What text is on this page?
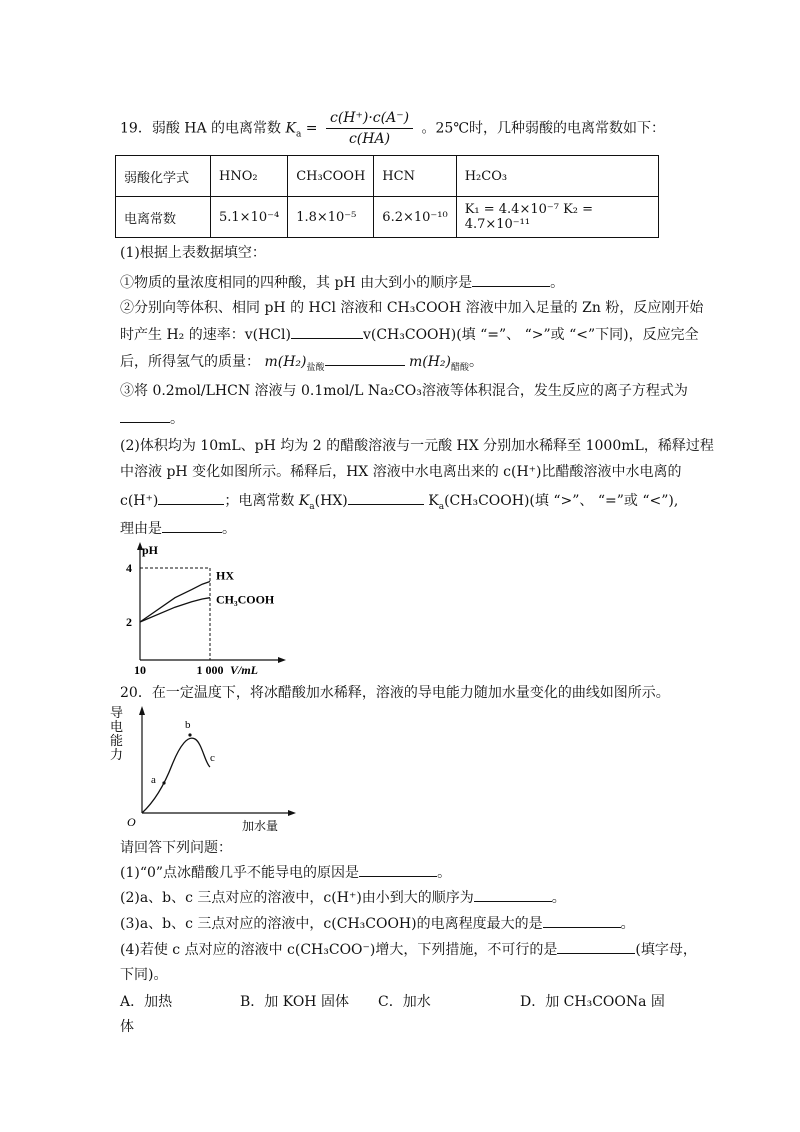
19．弱酸 HA 的电离常数 $K_a = \frac{c(H^+)\cdot c(A^-)}{c(HA)}$ 。25℃时，几种弱酸的电离常数如下：
弱酸化学式	HNO₂	CH₃COOH	HCN	H₂CO₃
电离常数	5.1×10⁻⁴	1.8×10⁻⁵	6.2×10⁻¹⁰	K₁ = 4.4×10⁻⁷ K₂ = 4.7×10⁻¹¹
(1)根据上表数据填空：
①物质的量浓度相同的四种酸，其 pH 由大到小的顺序是	。
②分别向等体积、相同 pH 的 HCl 溶液和 CH₃COOH 溶液中加入足量的 Zn 粉，反应刚开始
时产生 H₂ 的速率：v(HCl)	v(CH₃COOH)(填 “=”、 “>”或 “<”下同)，反应完全
后，所得氢气的质量： $m(H_2)_{盐酸}$	$m(H_2)_{醋酸}$。
③将 0.2mol/LHCN 溶液与 0.1mol/L Na₂CO₃溶液等体积混合，发生反应的离子方程式为
。
(2)体积均为 10mL、pH 均为 2 的醋酸溶液与一元酸 HX 分别加水稀释至 1000mL，稀释过程
中溶液 pH 变化如图所示。稀释后，HX 溶液中水电离出来的 c(H⁺)比醋酸溶液中水电离的
c(H⁺)	；电离常数 $K_a(HX)$	$K_a(CH_3COOH)$(填 “>”、 “=”或 “<”),
理由是	。
4
2
10	1 000
pH
V/mL
HX
CH₃COOH
20．在一定温度下，将冰醋酸加水稀释，溶液的导电能力随加水量变化的曲线如图所示。
a
b
c
O	加水量
导
电
能
力
请回答下列问题：
(1)“0”点冰醋酸几乎不能导电的原因是	。
(2)a、b、c 三点对应的溶液中，c(H⁺)由小到大的顺序为	。
(3)a、b、c 三点对应的溶液中，c(CH₃COOH)的电离程度最大的是	。
(4)若使 c 点对应的溶液中 c(CH₃COO⁻)增大，下列措施，不可行的是	(填字母，
下同)。
A．加热	B．加 KOH 固体 C．加水	D．加 CH₃COONa 固
体
